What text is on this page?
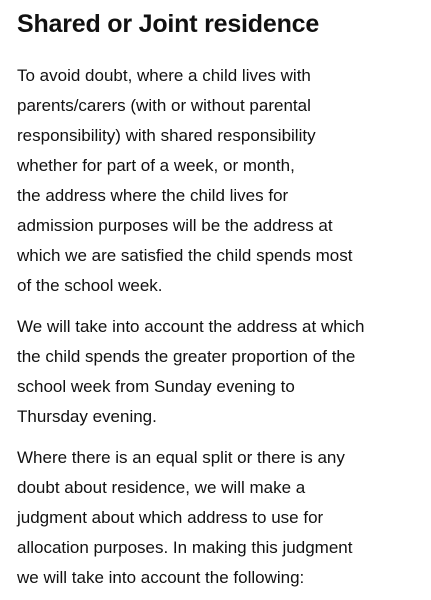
Shared or Joint residence

To avoid doubt, where a child lives with
parents/carers (with or without parental
responsibility) with shared responsibility
whether for part of a week, or month,
the address where the child lives for
admission purposes will be the address at
which we are satisfied the child spends most
of the school week.

We will take into account the address at which
the child spends the greater proportion of the
school week from Sunday evening to
Thursday evening.

Where there is an equal split or there is any
doubt about residence, we will make a
judgment about which address to use for
allocation purposes. In making this judgment
we will take into account the following:
